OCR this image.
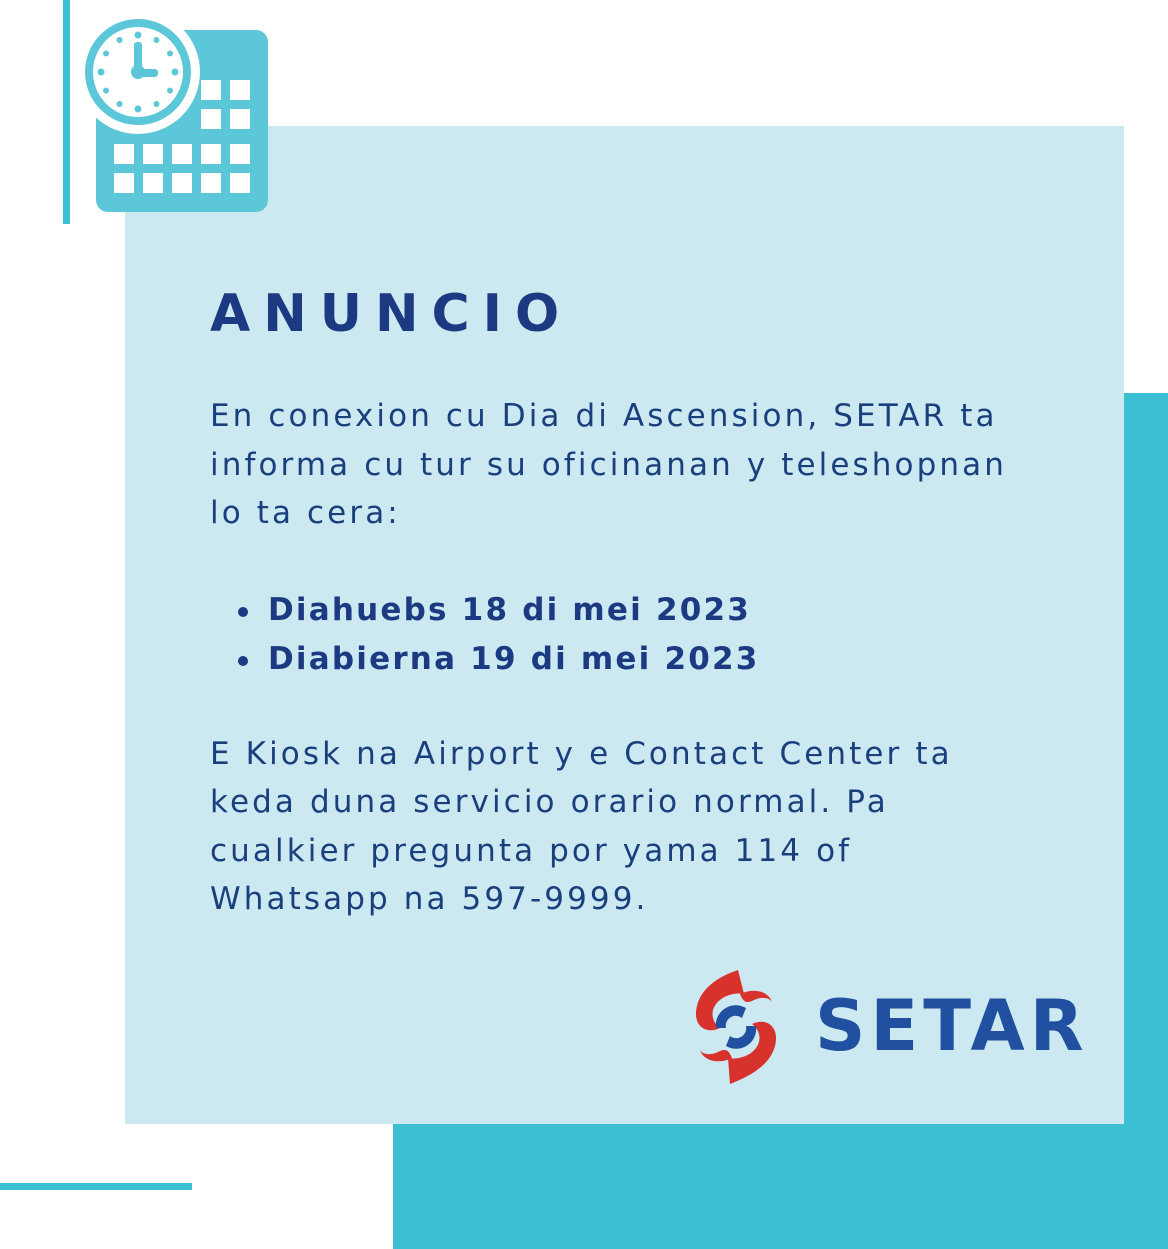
ANUNCIO

En conexion cu Dia di Ascension, SETAR ta
informa cu tur su oficinanan y teleshopnan
lo ta cera:

Diahuebs 18 di mei 2023
Diabierna 19 di mei 2023

E Kiosk na Airport y e Contact Center ta
keda duna servicio orario normal. Pa
cualkier pregunta por yama 114 of
Whatsapp na 597-9999.

SETAR
